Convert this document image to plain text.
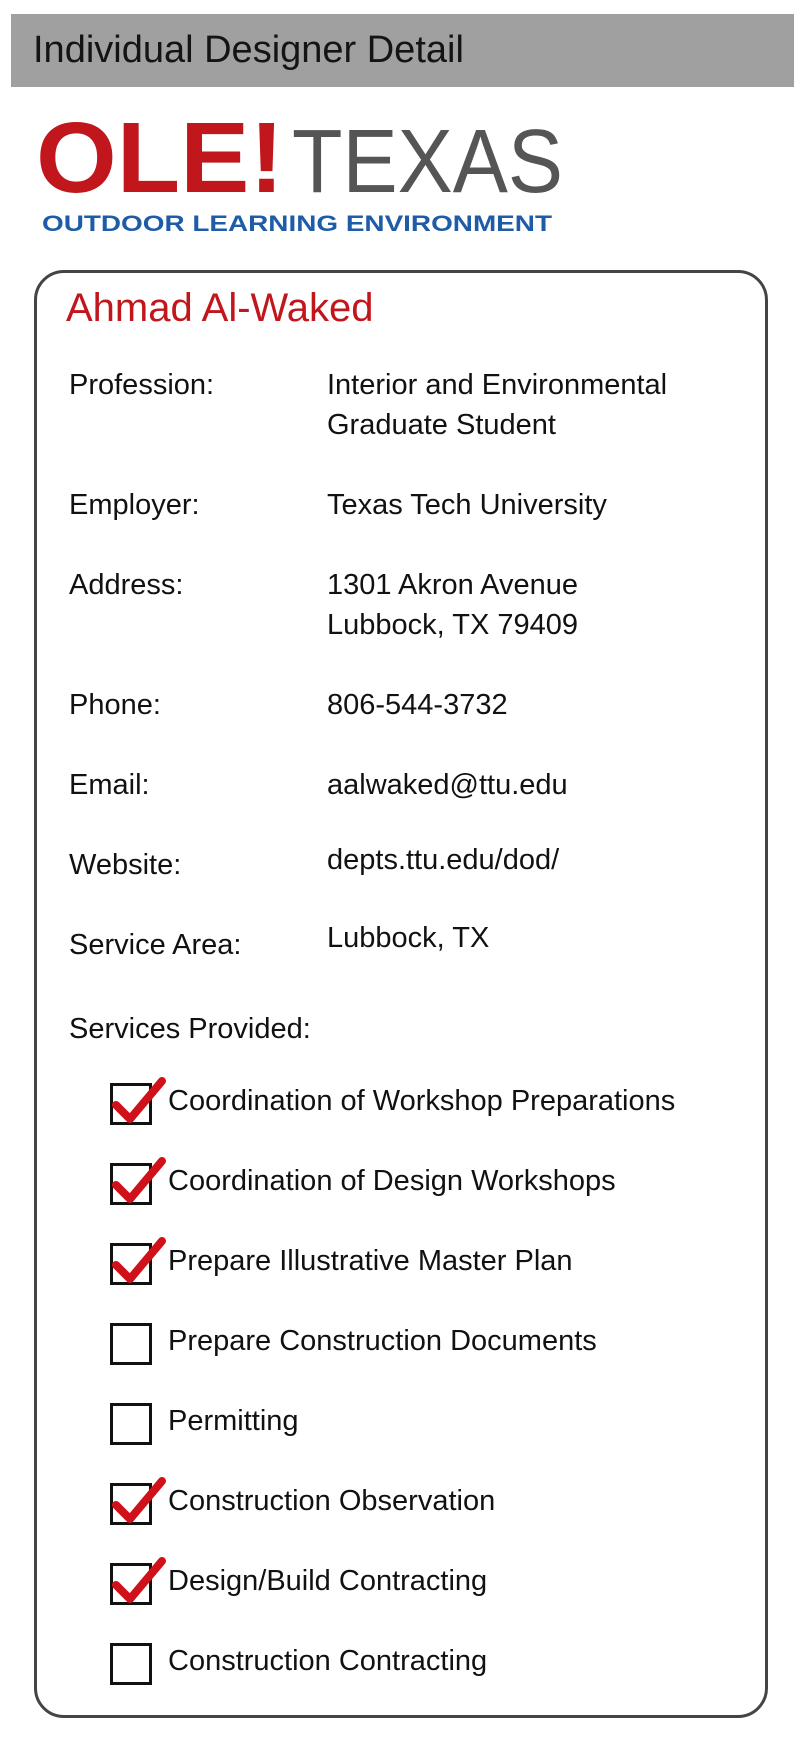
Individual Designer Detail
OLE! TEXAS
OUTDOOR LEARNING ENVIRONMENT
Ahmad Al-Waked
Profession:	Interior and Environmental
Graduate Student
Employer:	Texas Tech University
Address:	1301 Akron Avenue
Lubbock, TX 79409
Phone:	806-544-3732
Email:	aalwaked@ttu.edu
Website:	depts.ttu.edu/dod/
Service Area:	Lubbock, TX
Services Provided:
Coordination of Workshop Preparations
Coordination of Design Workshops
Prepare Illustrative Master Plan
Prepare Construction Documents
Permitting
Construction Observation
Design/Build Contracting
Construction Contracting
